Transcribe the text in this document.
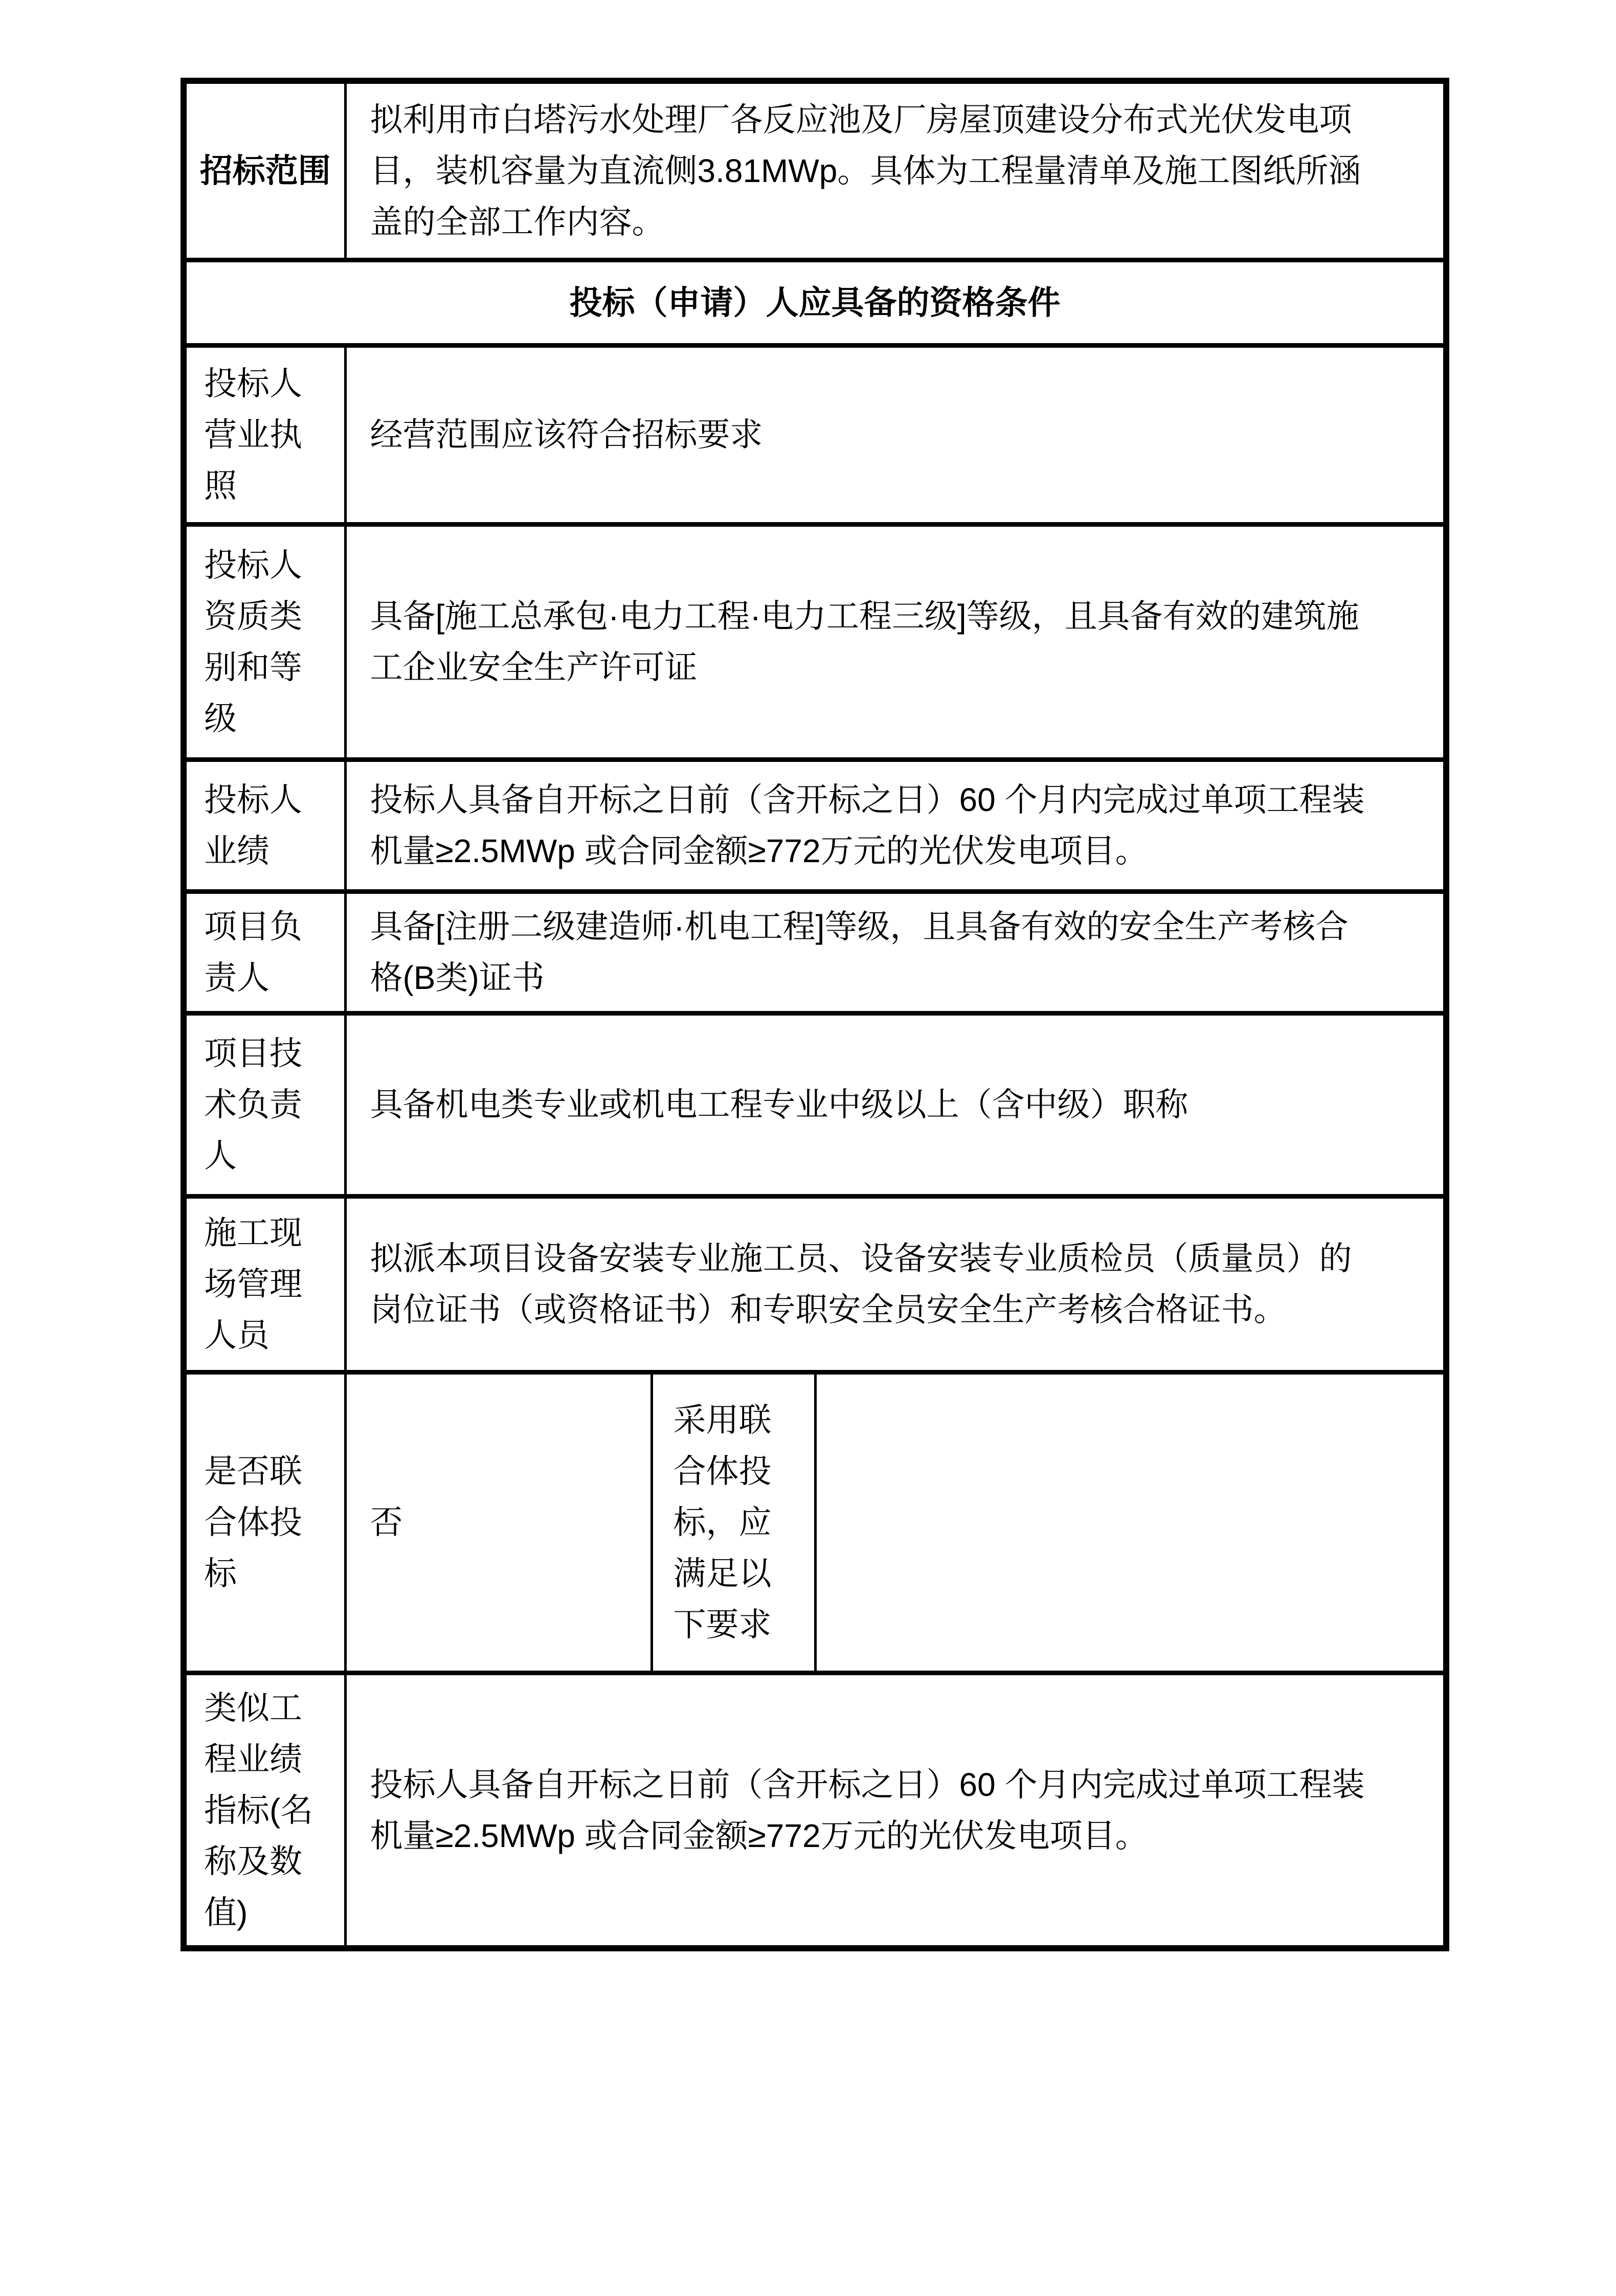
招标范围	拟利用市白塔污水处理厂各反应池及厂房屋顶建设分布式光伏发电项目，装机容量为直流侧3.81MWp。具体为工程量清单及施工图纸所涵盖的全部工作内容。		
投标（申请）人应具备的资格条件			
投标人营业执照	经营范围应该符合招标要求		
投标人资质类别和等级	具备[施工总承包·电力工程·电力工程三级]等级，且具备有效的建筑施工企业安全生产许可证		
投标人业绩	投标人具备自开标之日前（含开标之日）60 个月内完成过单项工程装机量≥2.5MWp 或合同金额≥772万元的光伏发电项目。		
项目负责人	具备[注册二级建造师·机电工程]等级，且具备有效的安全生产考核合格(B类)证书		
项目技术负责人	具备机电类专业或机电工程专业中级以上（含中级）职称		
施工现场管理人员	拟派本项目设备安装专业施工员、设备安装专业质检员（质量员）的岗位证书（或资格证书）和专职安全员安全生产考核合格证书。		
是否联合体投标	否	采用联合体投标，应满足以下要求	
类似工程业绩指标(名称及数值)	投标人具备自开标之日前（含开标之日）60 个月内完成过单项工程装机量≥2.5MWp 或合同金额≥772万元的光伏发电项目。		
